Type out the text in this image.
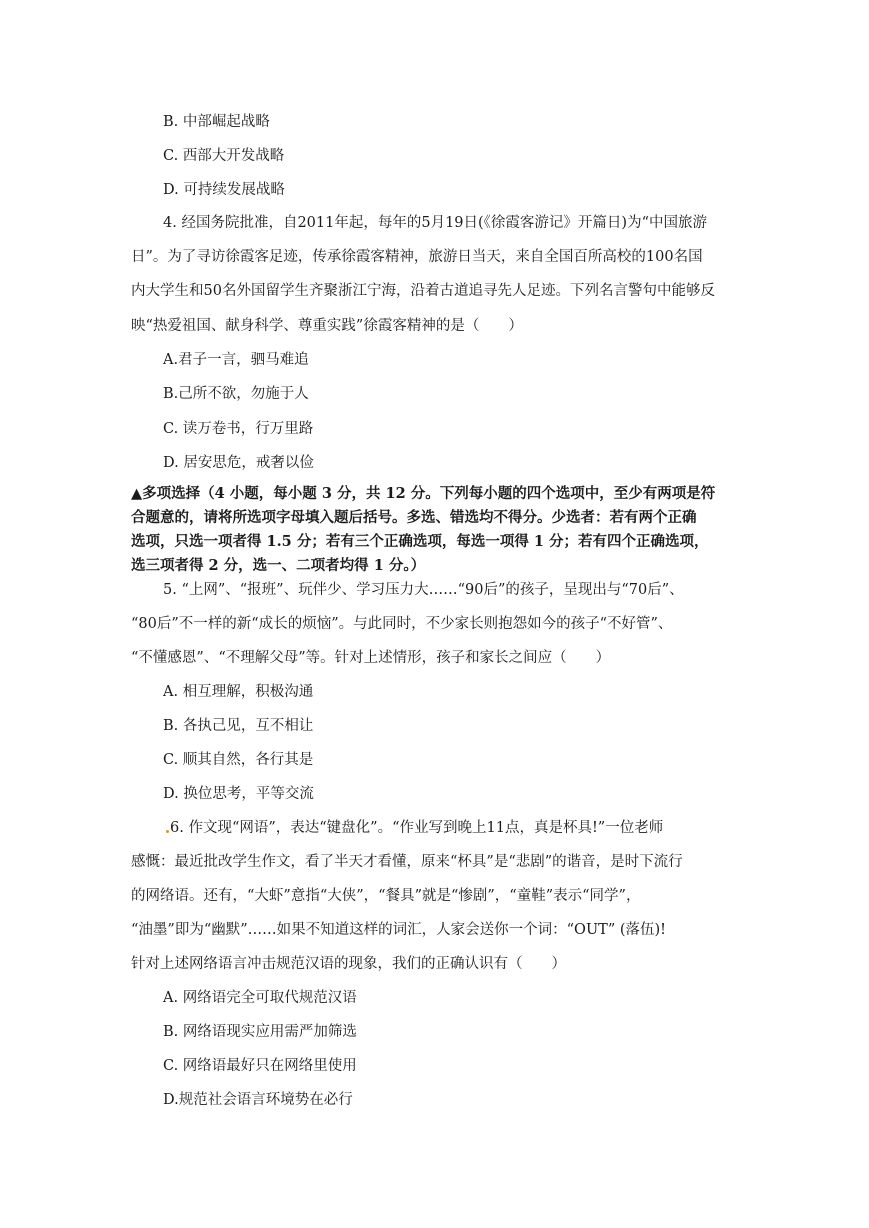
B. 中部崛起战略
C. 西部大开发战略
D. 可持续发展战略
4. 经国务院批准，自2011年起，每年的5月19日(《徐霞客游记》开篇日)为“中国旅游
日”。为了寻访徐霞客足迹，传承徐霞客精神，旅游日当天，来自全国百所高校的100名国
内大学生和50名外国留学生齐聚浙江宁海，沿着古道追寻先人足迹。下列名言警句中能够反
映“热爱祖国、献身科学、尊重实践”徐霞客精神的是（　　）
A.君子一言，驷马难追
B.己所不欲，勿施于人
C. 读万卷书，行万里路
D. 居安思危，戒奢以俭
▲多项选择（4 小题，每小题 3 分，共 12 分。下列每小题的四个选项中，至少有两项是符
合题意的，请将所选项字母填入题后括号。多选、错选均不得分。少选者：若有两个正确
选项，只选一项者得 1.5 分；若有三个正确选项，每选一项得 1 分；若有四个正确选项，
选三项者得 2 分，选一、二项者均得 1 分。）
5. “上网”、“报班”、玩伴少、学习压力大……“90后”的孩子，呈现出与“70后”、
“80后”不一样的新“成长的烦恼”。与此同时，不少家长则抱怨如今的孩子“不好管”、
“不懂感恩”、“不理解父母”等。针对上述情形，孩子和家长之间应（　　）
A. 相互理解，积极沟通
B. 各执己见，互不相让
C. 顺其自然，各行其是
D. 换位思考，平等交流
6. 作文现“网语”，表达“键盘化”。“作业写到晚上11点，真是杯具!”一位老师
感慨：最近批改学生作文，看了半天才看懂，原来“杯具”是“悲剧”的谐音，是时下流行
的网络语。还有，“大虾”意指“大侠”，“餐具”就是“惨剧”，“童鞋”表示“同学”，
“油墨”即为“幽默”……如果不知道这样的词汇，人家会送你一个词：“OUT” (落伍)!
针对上述网络语言冲击规范汉语的现象，我们的正确认识有（　　）
A. 网络语完全可取代规范汉语
B. 网络语现实应用需严加筛选
C. 网络语最好只在网络里使用
D.规范社会语言环境势在必行
